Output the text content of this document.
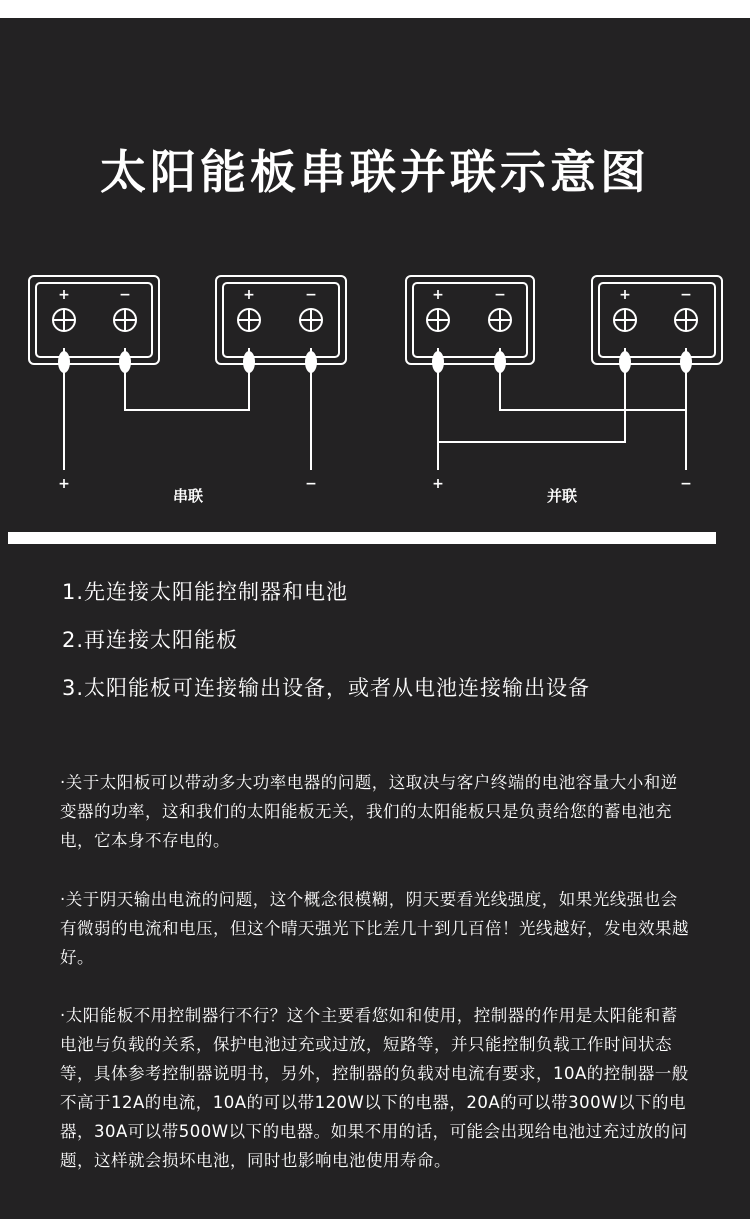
太阳能板串联并联示意图
+	−	+	−	+	−	+	−
+	−	+	−
串联	并联
1.先连接太阳能控制器和电池
2.再连接太阳能板
3.太阳能板可连接输出设备，或者从电池连接输出设备
·关于太阳板可以带动多大功率电器的问题，这取决与客户终端的电池容量大小和逆变器的功率，这和我们的太阳能板无关，我们的太阳能板只是负责给您的蓄电池充电，它本身不存电的。
·关于阴天输出电流的问题，这个概念很模糊，阴天要看光线强度，如果光线强也会有微弱的电流和电压，但这个晴天强光下比差几十到几百倍！光线越好，发电效果越好。
·太阳能板不用控制器行不行？这个主要看您如和使用，控制器的作用是太阳能和蓄电池与负载的关系，保护电池过充或过放，短路等，并只能控制负载工作时间状态等，具体参考控制器说明书，另外，控制器的负载对电流有要求，10A的控制器一般不高于12A的电流，10A的可以带120W以下的电器，20A的可以带300W以下的电器，30A可以带500W以下的电器。如果不用的话，可能会出现给电池过充过放的问题，这样就会损坏电池，同时也影响电池使用寿命。
